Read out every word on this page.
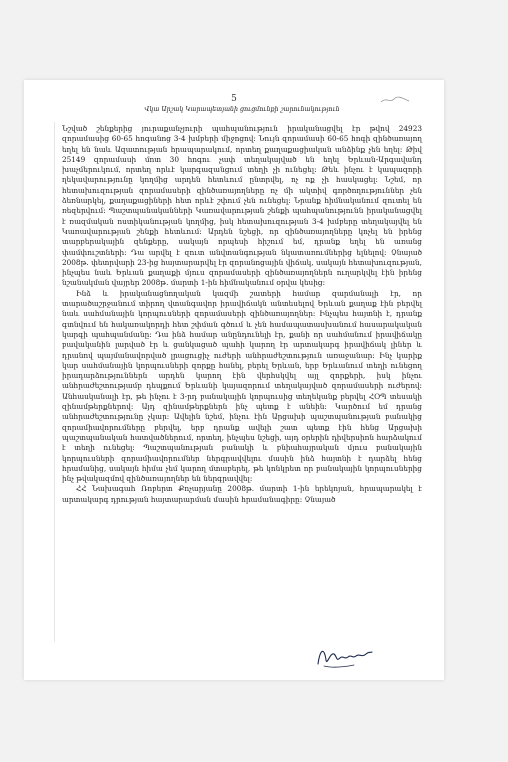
5
Վկա Արշակ Կարապետյանի ցուցմունքի շարունակություն

Նշված շենքերից յուրաքանչյուրի պահպանություն իրականացվել էր թվով 24923 զորամասից 60-65 հոգանոց 3-4 խմբերի միջոցով: Նույն զորամասի 60-65 հոգի զինծառայող եղել են նաև Ազատության հրապարակում, որտեղ քաղաքացիական անձինք չեն եղել: Թիվ 25149 զորամասի մոտ 30 հոգու չափ տեղակայված են եղել Երևան-Արգավանդ խաչմերուկում, որտեղ որևէ կարգազանցում տեղի չի ունեցել: Թեև ինչու է կապազորի ղեկավարությունը կողմից արդեն հետևում ընտրվել, ոչ ոք չի հասկացել: Նշեմ, որ հետախուզության զորամասերի զինծառայողները ոչ մի ակտիվ գործողություններ չեն ձեռնարկել, քաղաքացիների հետ որևէ շփում չեն ունեցել: Նրանք հիմնականում զուտել են ռեզերվում: Պաշտպանականների Կառավարության շենքի պահպանությունն իրականացվել է ռազմական ոստիկանության կողմից, իսկ հետախուզության 3-4 խմբերը տեղակայվել են Կառավարության շենքի հետևում: Արդեն նշեցի, որ զինծառայողները կոչել են իրենց տարբերակային զենքերը, սակայն որպեսի հիշում եմ, դրանք եղել են առանց փամփուշտների: Դա արվել է զուտ անվտանգության նկատառումներից ելնելով: Չնայած 2008թ. փետրվարի 23-ից հայտարարվել էր զորանոցային վիճակ, սակայն հետախուզության, ինչպես նաև Երևան քաղաքի մյուս զորամասերի զինծառայողներն ուղարկվել էին իրենց նշանակման վայրեր 2008թ. մարտի 1-ին հիմնականում օրվա կեսից:

Ինձ և իրականացնողական կազմի շատերի համար զարմանալի էր, որ տարածաշրջանում տիրող վտանգավոր իրավիճակն անտեսելով Երևան քաղաք էին բերվել նաև սահմանային կորպուսների զորամասերի զինծառայողներ: Ինչպես հայտնի է, դրանք գտնվում են հակառակորդի հետ շփման գծում և չեն համապատասխանում հասարակական կարգի պահպանմանը: Դա ինձ համար անընդունելի էր, քանի որ սահմանում իրավիճակը բավականին լարված էր և ցանկացած պահի կարող էր արտակարգ իրավիճակ լիներ և դրանով պայմանավորված լրացուցիչ ուժերի անհրաժեշտություն առաջանար: Ինչ կարիք կար սահմանային կորպուսների զորքը հանել, բերել Երևան, երբ Երևանում տեղի ունեցող իրադարձություններն արդեն կարող էին վերհսկվել այլ զորքերի, իսկ ինչու անհրաժեշտությամբ դեպքում Երևանի կայազորում տեղակայված զորամասերի ուժերով: Անհասկանալի էր, թե ինչու է 3-րդ բանակային կորպուսից տեղեկանք բերվել ՀՕՊ տեսակի զինամթերքներով: Այդ զինամթերքներն ինչ պետք է անեին: Կարծում եմ դրանց անհրաժեշտությունը չկար: Ավելին նշեմ, ինչու էին Արցախի պաշտպանության բանակից զորամիավորումները բերվել, երբ դրանք ավելի շատ պետք էին հենց Արցախի պաշտպանական հատվածներում, որտեղ, ինչպես նշեցի, այդ օրերին դիվերսիոն հարձակում է տեղի ունեցել: Պաշտպանության բանակի և բնիահայրական մյուս բանակային կորպուսների զորամիավորումներ ներգրավվելու մասին ինձ հայտնի է դարձել հենց հրամանից, սակայն հիմա չեմ կարող մտաբերել, թե կոնկրետ որ բանակային կորպուսներից ինչ թվակազմով զինծառայողներ են ներգրավվել:

ՀՀ Նախագահ Ռոբերտ Քոչարյանը 2008թ. մարտի 1-ին երեկոյան, հրապարակել է արտակարգ դրության հայտարարման մասին հրամանագիրը: Չնայած
